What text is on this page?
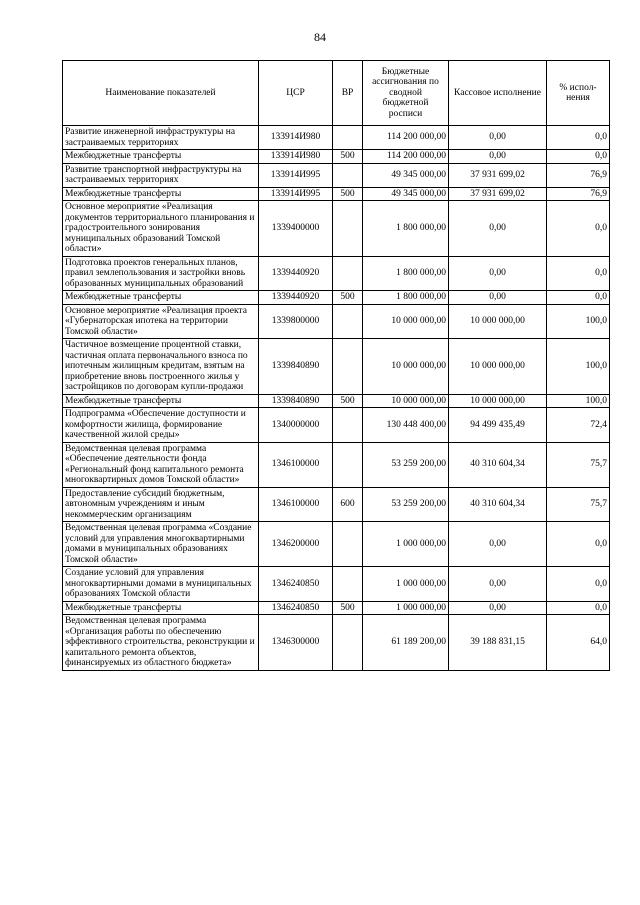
84
Наименование показателей	ЦСР	ВР	Бюджетные ассигнования по сводной бюджетной росписи	Кассовое исполнение	% испол-нения
Развитие инженерной инфраструктуры на застраиваемых территориях	133914И980		114 200 000,00	0,00	0,0
Межбюджетные трансферты	133914И980	500	114 200 000,00	0,00	0,0
Развитие транспортной инфраструктуры на застраиваемых территориях	133914И995		49 345 000,00	37 931 699,02	76,9
Межбюджетные трансферты	133914И995	500	49 345 000,00	37 931 699,02	76,9
Основное мероприятие «Реализация документов территориального планирования и градостроительного зонирования муниципальных образований Томской области»	1339400000		1 800 000,00	0,00	0,0
Подготовка проектов генеральных планов, правил землепользования и застройки вновь образованных муниципальных образований	1339440920		1 800 000,00	0,00	0,0
Межбюджетные трансферты	1339440920	500	1 800 000,00	0,00	0,0
Основное мероприятие «Реализация проекта «Губернаторская ипотека на территории Томской области»	1339800000		10 000 000,00	10 000 000,00	100,0
Частичное возмещение процентной ставки, частичная оплата первоначального взноса по ипотечным жилищным кредитам, взятым на приобретение вновь построенного жилья у застройщиков по договорам купли-продажи	1339840890		10 000 000,00	10 000 000,00	100,0
Межбюджетные трансферты	1339840890	500	10 000 000,00	10 000 000,00	100,0
Подпрограмма «Обеспечение доступности и комфортности жилища, формирование качественной жилой среды»	1340000000		130 448 400,00	94 499 435,49	72,4
Ведомственная целевая программа «Обеспечение деятельности фонда «Региональный фонд капитального ремонта многоквартирных домов Томской области»	1346100000		53 259 200,00	40 310 604,34	75,7
Предоставление субсидий бюджетным, автономным учреждениям и иным некоммерческим организациям	1346100000	600	53 259 200,00	40 310 604,34	75,7
Ведомственная целевая программа «Создание условий для управления многоквартирными домами в муниципальных образованиях Томской области»	1346200000		1 000 000,00	0,00	0,0
Создание условий для управления многоквартирными домами в муниципальных образованиях Томской области	1346240850		1 000 000,00	0,00	0,0
Межбюджетные трансферты	1346240850	500	1 000 000,00	0,00	0,0
Ведомственная целевая программа «Организация работы по обеспечению эффективного строительства, реконструкции и капитального ремонта объектов, финансируемых из областного бюджета»	1346300000		61 189 200,00	39 188 831,15	64,0
